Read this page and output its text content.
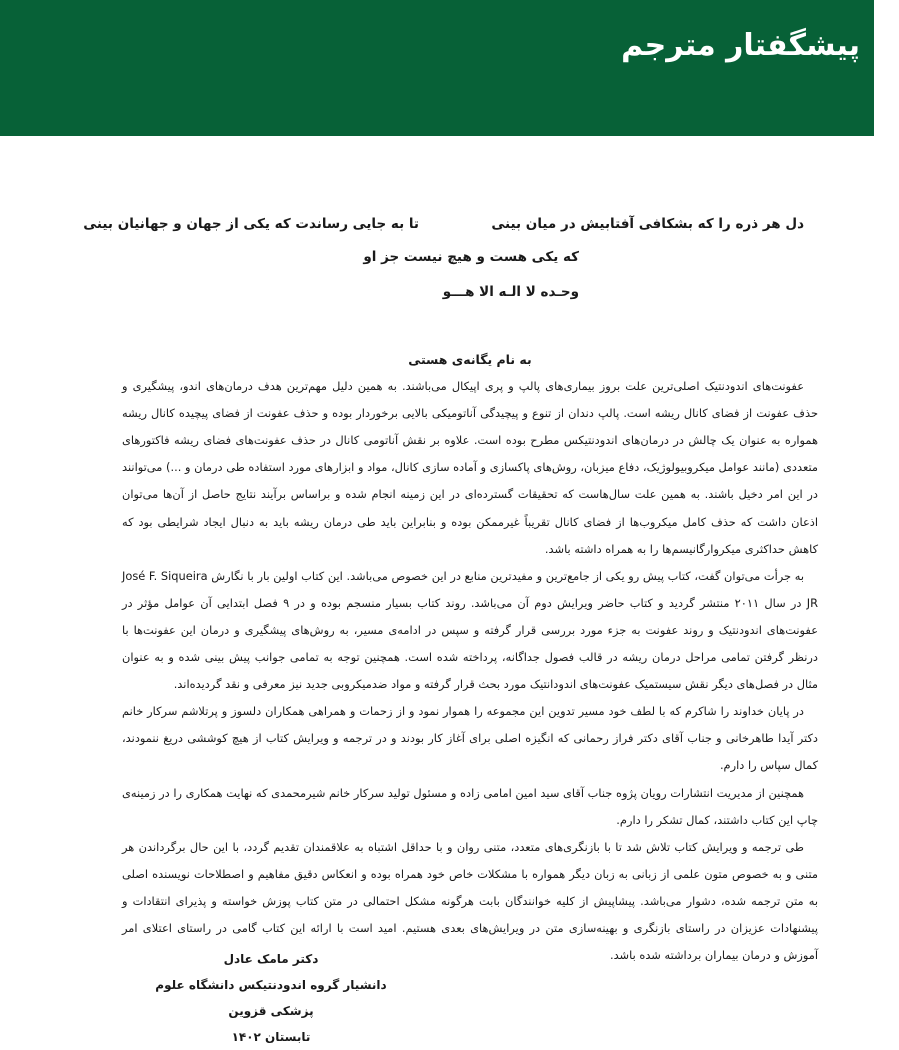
پیشگفتار مترجم
دل هر ذره را که بشکافی آفتابیش در میان بینی
تا به جایی رساندت که یکی از جهان و جهانیان بینی
که یکی هست و هیچ نیست جز او
وحـده لا الـه الا هـــو

به نام یگانه‌ی هستی

عفونت‌های اندودنتیک اصلی‌ترین علت بروز بیماری‌های پالپ و پری اپیکال می‌باشند. به همین دلیل مهم‌ترین هدف درمان‌های اندو، پیشگیری و حذف عفونت از فضای کانال ریشه است. پالپ دندان از تنوع و پیچیدگی آناتومیکی بالایی برخوردار بوده و حذف عفونت از فضای پیچیده کانال ریشه همواره به عنوان یک چالش در درمان‌های اندودنتیکس مطرح بوده است. علاوه بر نقش آناتومی کانال در حذف عفونت‌های فضای ریشه فاکتورهای متعددی (مانند عوامل میکروبیولوژیک، دفاع میزبان، روش‌های پاکسازی و آماده سازی کانال، مواد و ابزارهای مورد استفاده طی درمان و ...) می‌توانند در این امر دخیل باشند. به همین علت سال‌هاست که تحقیقات گسترده‌ای در این زمینه انجام شده و براساس برآیند نتایج حاصل از آن‌ها می‌توان اذعان داشت که حذف کامل میکروب‌ها از فضای کانال تقریباً غیرممکن بوده و بنابراین باید طی درمان ریشه باید به دنبال ایجاد شرایطی بود که کاهش حداکثری میکروارگانیسم‌ها را به همراه داشته باشد.

به جرأت می‌توان گفت، کتاب پیش رو یکی از جامع‌ترین و مفیدترین منابع در این خصوص می‌باشد. این کتاب اولین بار با نگارش José F. Siqueira JR در سال ۲۰۱۱ منتشر گردید و کتاب حاضر ویرایش دوم آن می‌باشد. روند کتاب بسیار منسجم بوده و در ۹ فصل ابتدایی آن عوامل مؤثر در عفونت‌های اندودنتیک و روند عفونت به جزء مورد بررسی قرار گرفته و سپس در ادامه‌ی مسیر، به روش‌های پیشگیری و درمان این عفونت‌ها با درنظر گرفتن تمامی مراحل درمان ریشه در قالب فصول جداگانه، پرداخته شده است. همچنین توجه به تمامی جوانب پیش بینی شده و به عنوان مثال در فصل‌های دیگر نقش سیستمیک عفونت‌های اندودانتیک مورد بحث قرار گرفته و مواد ضدمیکروبی جدید نیز معرفی و نقد گردیده‌اند.

در پایان خداوند را شاکرم که با لطف خود مسیر تدوین این مجموعه را هموار نمود و از زحمات و همراهی همکاران دلسوز و پرتلاشم سرکار خانم دکتر آیدا طاهرخانی و جناب آقای دکتر فراز رحمانی که انگیزه اصلی برای آغاز کار بودند و در ترجمه و ویرایش کتاب از هیچ کوششی دریغ ننمودند، کمال سپاس را دارم.

همچنین از مدیریت انتشارات رویان پژوه جناب آقای سید امین امامی زاده و مسئول تولید سرکار خانم شیرمحمدی که نهایت همکاری را در زمینه‌ی چاپ این کتاب داشتند، کمال تشکر را دارم.

طی ترجمه و ویرایش کتاب تلاش شد تا با بازنگری‌های متعدد، متنی روان و با حداقل اشتباه به علاقمندان تقدیم گردد، با این حال برگرداندن هر متنی و به خصوص متون علمی از زبانی به زبان دیگر همواره با مشکلات خاص خود همراه بوده و انعکاس دقیق مفاهیم و اصطلاحات نویسنده اصلی به متن ترجمه شده، دشوار می‌باشد. پیشاپیش از کلیه خوانندگان بابت هرگونه مشکل احتمالی در متن کتاب پوزش خواسته و پذیرای انتقادات و پیشنهادات عزیزان در راستای بازنگری و بهینه‌سازی متن در ویرایش‌های بعدی هستیم. امید است با ارائه این کتاب گامی در راستای اعتلای امر آموزش و درمان بیماران برداشته شده باشد.

دکتر مامک عادل
دانشیار گروه اندودنتیکس دانشگاه علوم پزشکی قزوین
تابستان ۱۴۰۲
